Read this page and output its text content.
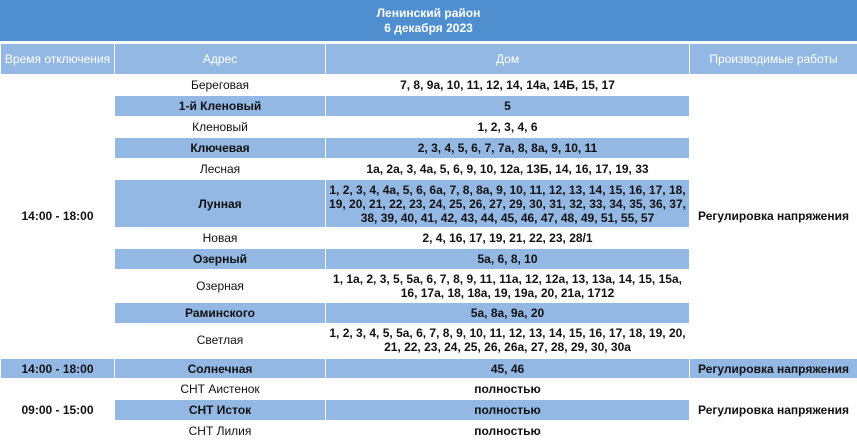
Ленинский район
6 декабря 2023
Время отключения	Адрес	Дом	Производимые работы
14:00 - 18:00	Береговая	7, 8, 9а, 10, 11, 12, 14, 14а, 14Б, 15, 17	Регулировка напряжения
	1-й Кленовый	5	
	Кленовый	1, 2, 3, 4, 6	
	Ключевая	2, 3, 4, 5, 6, 7, 7а, 8, 8а, 9, 10, 11	
	Лесная	1а, 2а, 3, 4а, 5, 6, 9, 10, 12а, 13Б, 14, 16, 17, 19, 33	
	Лунная	1, 2, 3, 4, 4а, 5, 6, 6а, 7, 8, 8а, 9, 10, 11, 12, 13, 14, 15, 16, 17, 18, 19, 20, 21, 22, 23, 24, 25, 26, 27, 29, 30, 31, 32, 33, 34, 35, 36, 37, 38, 39, 40, 41, 42, 43, 44, 45, 46, 47, 48, 49, 51, 55, 57	
	Новая	2, 4, 16, 17, 19, 21, 22, 23, 28/1	
	Озерный	5а, 6, 8, 10	
	Озерная	1, 1а, 2, 3, 5, 5а, 6, 7, 8, 9, 11, 11а, 12, 12а, 13, 13а, 14, 15, 15а, 16, 17а, 18, 18а, 19, 19а, 20, 21а, 1712	
	Раминского	5а, 8а, 9а, 20	
	Светлая	1, 2, 3, 4, 5, 5а, 6, 7, 8, 9, 10, 11, 12, 13, 14, 15, 16, 17, 18, 19, 20, 21, 22, 23, 24, 25, 26, 26а, 27, 28, 29, 30, 30а	
14:00 - 18:00	Солнечная	45, 46	Регулировка напряжения
09:00 - 15:00	СНТ Аистенок	полностью	Регулировка напряжения
	СНТ Исток	полностью	
	СНТ Лилия	полностью	
